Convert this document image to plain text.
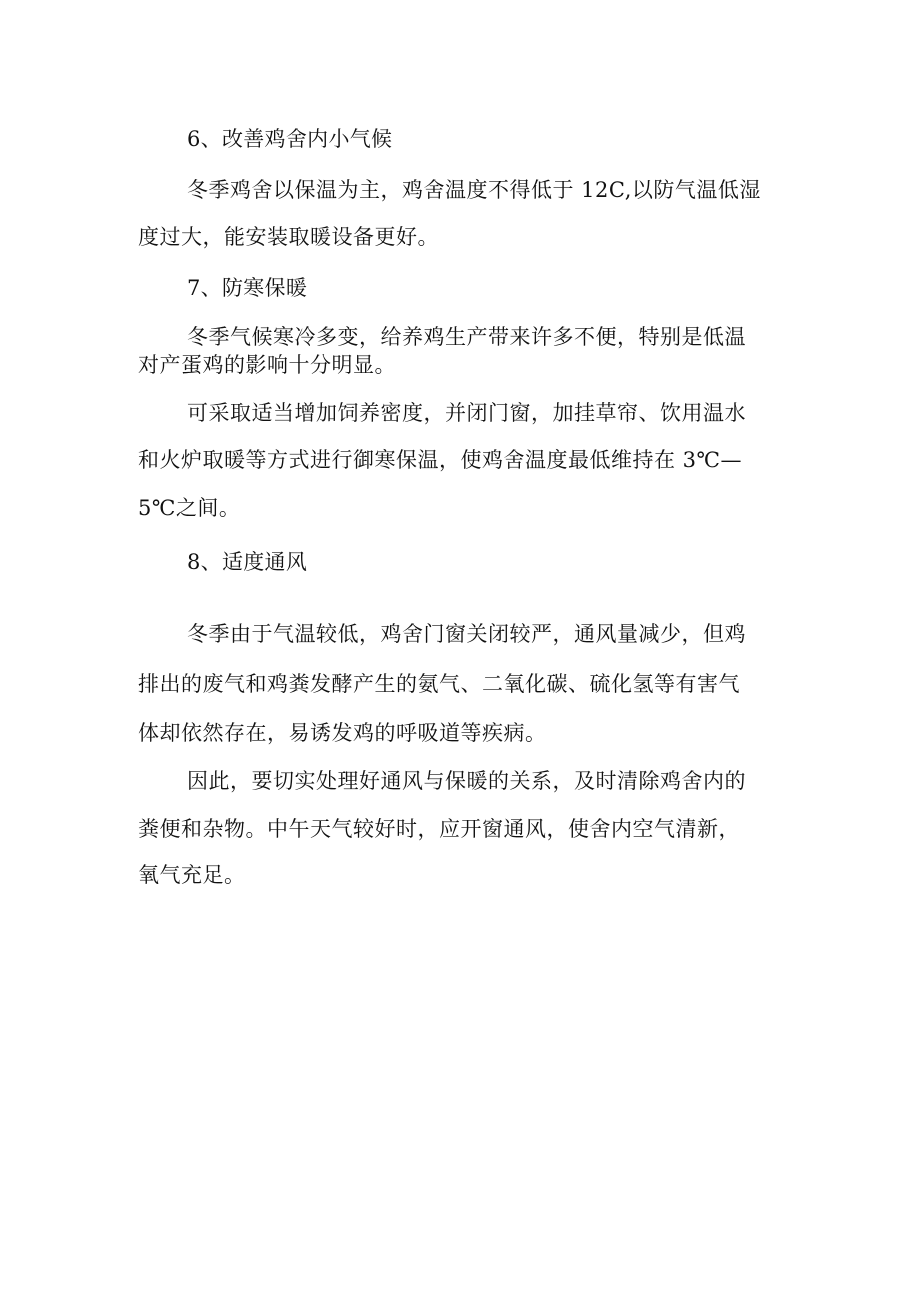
6、改善鸡舍内小气候
冬季鸡舍以保温为主，鸡舍温度不得低于 12C,以防气温低湿
度过大，能安装取暖设备更好。
7、防寒保暖
冬季气候寒冷多变，给养鸡生产带来许多不便，特别是低温
对产蛋鸡的影响十分明显。
可采取适当增加饲养密度，并闭门窗，加挂草帘、饮用温水
和火炉取暖等方式进行御寒保温，使鸡舍温度最低维持在 3℃—
5℃之间。
8、适度通风
冬季由于气温较低，鸡舍门窗关闭较严，通风量减少，但鸡
排出的废气和鸡粪发酵产生的氨气、二氧化碳、硫化氢等有害气
体却依然存在，易诱发鸡的呼吸道等疾病。
因此，要切实处理好通风与保暖的关系，及时清除鸡舍内的
粪便和杂物。中午天气较好时，应开窗通风，使舍内空气清新，
氧气充足。
